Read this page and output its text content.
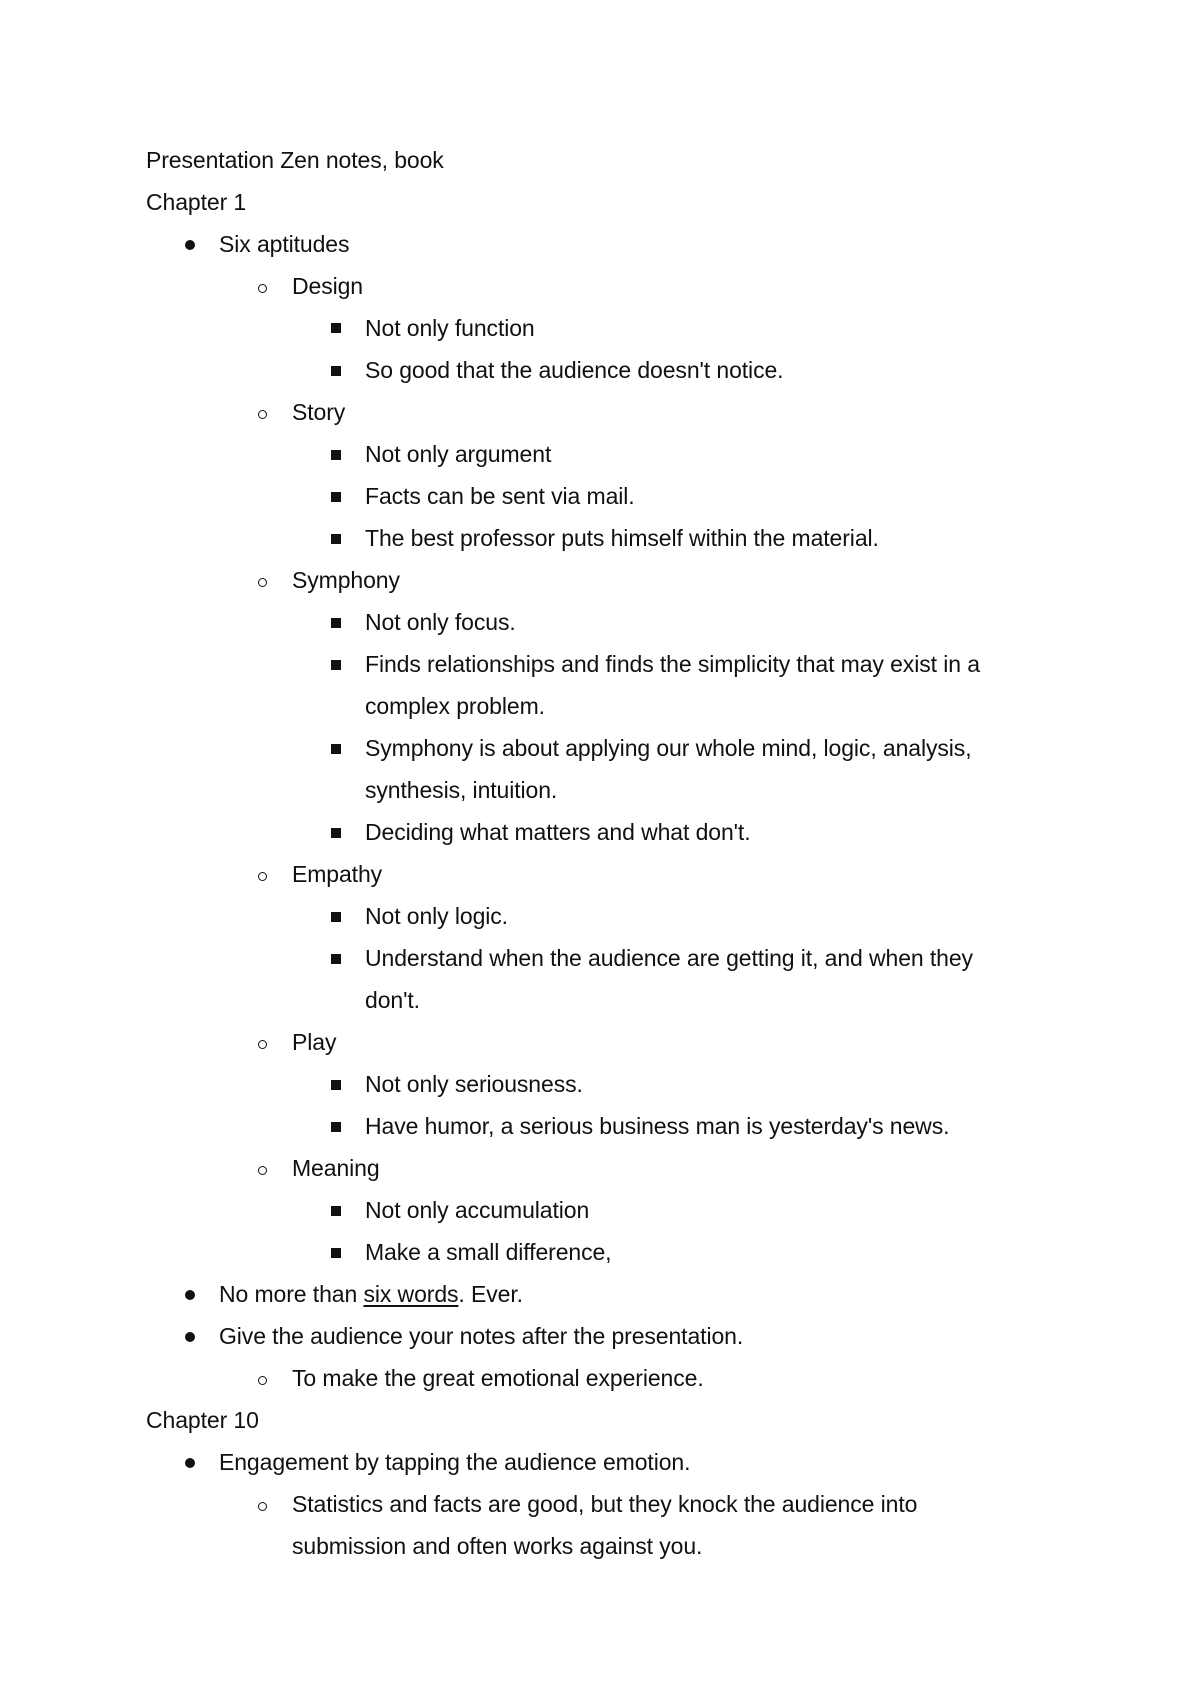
Presentation Zen notes, book
Chapter 1
Six aptitudes
Design
Not only function
So good that the audience doesn't notice.
Story
Not only argument
Facts can be sent via mail.
The best professor puts himself within the material.
Symphony
Not only focus.
Finds relationships and finds the simplicity that may exist in a
complex problem.
Symphony is about applying our whole mind, logic, analysis,
synthesis, intuition.
Deciding what matters and what don't.
Empathy
Not only logic.
Understand when the audience are getting it, and when they
don't.
Play
Not only seriousness.
Have humor, a serious business man is yesterday's news.
Meaning
Not only accumulation
Make a small difference,
No more than six words. Ever.
Give the audience your notes after the presentation.
To make the great emotional experience.
Chapter 10
Engagement by tapping the audience emotion.
Statistics and facts are good, but they knock the audience into
submission and often works against you.
